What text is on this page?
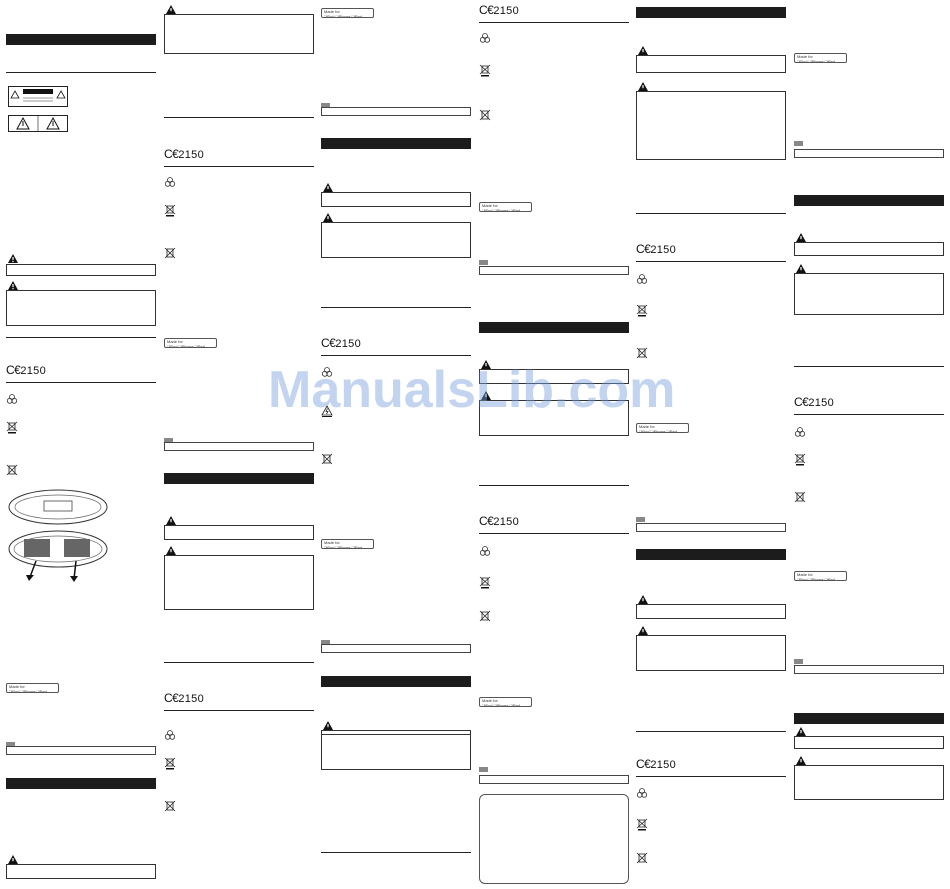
C€2150
Made for
□iPod □iPhone □iPad
C€2150
Made for
□iPod □iPhone □iPad
C€2150
Made for
□iPod □iPhone □iPad
C€2150
Made for
□iPod □iPhone □iPad
C€2150
Made for
□iPod □iPhone □iPad
C€2150
Made for
□iPod □iPhone □iPad
C€2150
Made for
□iPod □iPhone □iPad
C€2150
Made for
□iPod □iPhone □iPad
C€2150
Made for
□iPod □iPhone □iPad
ManualsLib.com
